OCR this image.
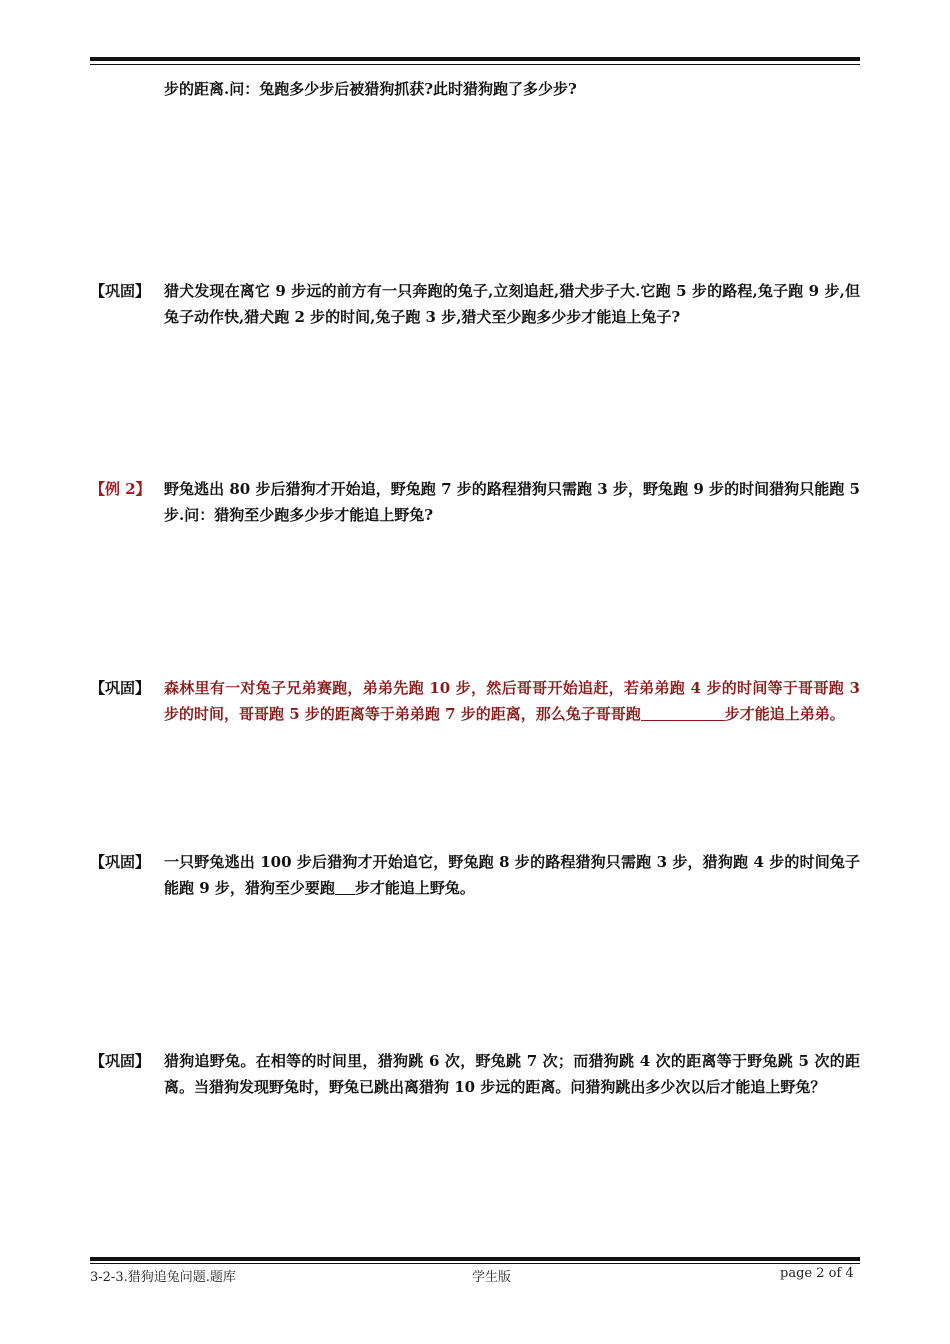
步的距离.问：兔跑多少步后被猎狗抓获?此时猎狗跑了多少步?
【巩固】 猎犬发现在离它 9 步远的前方有一只奔跑的兔子,立刻追赶,猎犬步子大.它跑 5 步的路程,兔子跑 9 步,但兔子动作快,猎犬跑 2 步的时间,兔子跑 3 步,猎犬至少跑多少步才能追上兔子?
【例 2】 野兔逃出 80 步后猎狗才开始追，野兔跑 7 步的路程猎狗只需跑 3 步，野兔跑 9 步的时间猎狗只能跑 5 步.问：猎狗至少跑多少步才能追上野兔?
【巩固】 森林里有一对兔子兄弟赛跑，弟弟先跑 10 步，然后哥哥开始追赶，若弟弟跑 4 步的时间等于哥哥跑 3 步的时间，哥哥跑 5 步的距离等于弟弟跑 7 步的距离，那么兔子哥哥跑	步才能追上弟弟。
【巩固】 一只野兔逃出 100 步后猎狗才开始追它，野兔跑 8 步的路程猎狗只需跑 3 步，猎狗跑 4 步的时间兔子能跑 9 步，猎狗至少要跑 步才能追上野兔。
【巩固】 猎狗追野兔。在相等的时间里，猎狗跳 6 次，野兔跳 7 次；而猎狗跳 4 次的距离等于野兔跳 5 次的距离。当猎狗发现野兔时，野兔已跳出离猎狗 10 步远的距离。问猎狗跳出多少次以后才能追上野兔？
3-2-3.猎狗追兔问题.题库	学生版	page 2 of 4
